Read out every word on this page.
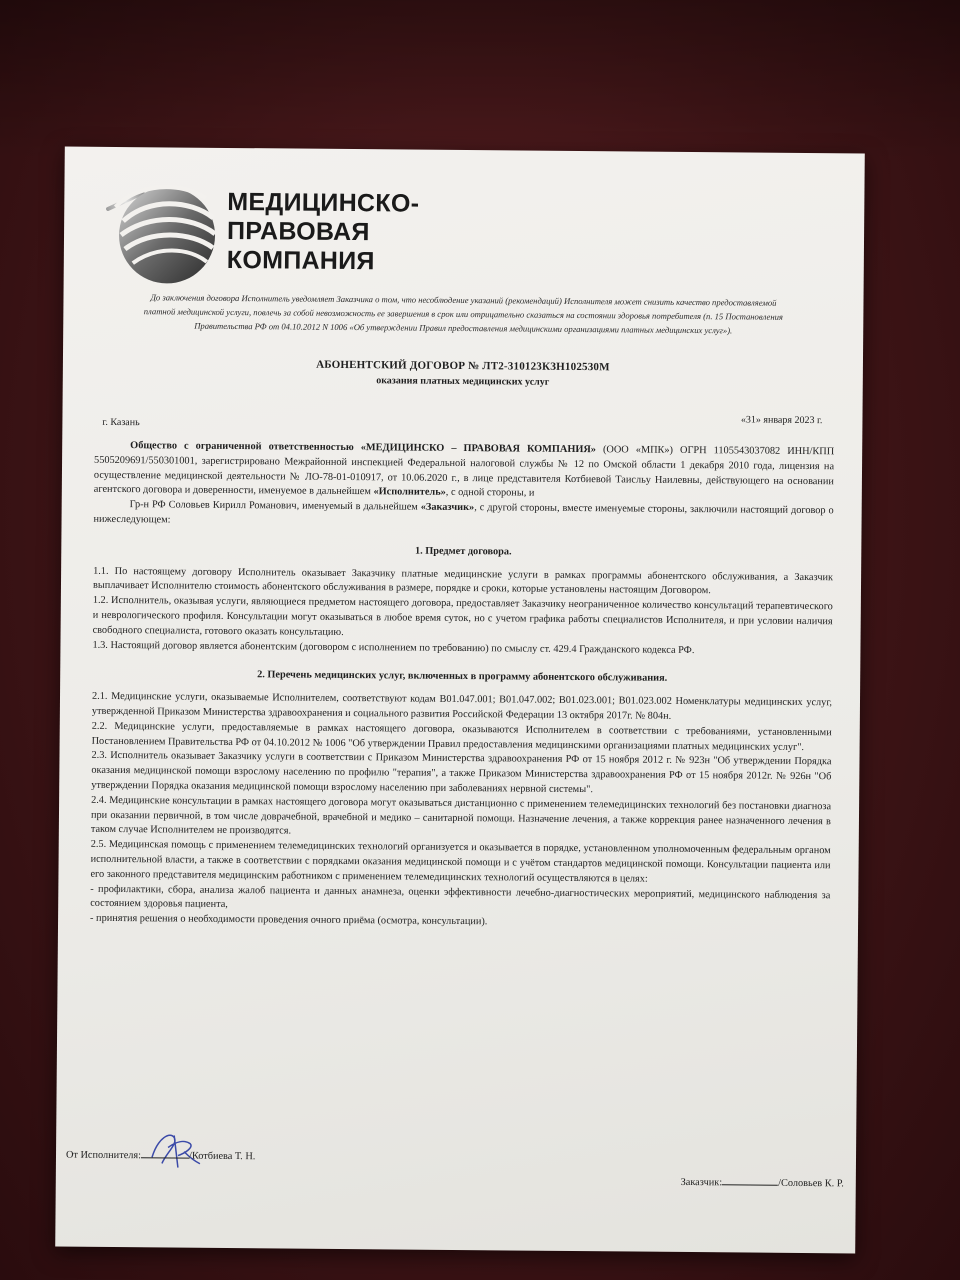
МЕДИЦИНСКО-
ПРАВОВАЯ
КОМПАНИЯ
До заключения договора Исполнитель уведомляет Заказчика о том, что несоблюдение указаний (рекомендаций) Исполнителя может снизить качество предоставляемой платной медицинской услуги, повлечь за собой невозможность ее завершения в срок или отрицательно сказаться на состоянии здоровья потребителя (п. 15 Постановления Правительства РФ от 04.10.2012 N 1006 «Об утверждении Правил предоставления медицинскими организациями платных медицинских услуг»).
АБОНЕНТСКИЙ ДОГОВОР № ЛТ2-310123КЗН102530М
оказания платных медицинских услуг
г. Казань	«31» января 2023 г.

Общество с ограниченной ответственностью «МЕДИЦИНСКО – ПРАВОВАЯ КОМПАНИЯ» (ООО «МПК») ОГРН 1105543037082 ИНН/КПП 5505209691/550301001, зарегистрировано Межрайонной инспекцией Федеральной налоговой службы № 12 по Омской области 1 декабря 2010 года, лицензия на осуществление медицинской деятельности № ЛО-78-01-010917, от 10.06.2020 г., в лице представителя Котбиевой Таисльу Наилевны, действующего на основании агентского договора и доверенности, именуемое в дальнейшем «Исполнитель», с одной стороны, и

Гр-н РФ Соловьев Кирилл Романович, именуемый в дальнейшем «Заказчик», с другой стороны, вместе именуемые стороны, заключили настоящий договор о нижеследующем:

1. Предмет договора.

1.1. По настоящему договору Исполнитель оказывает Заказчику платные медицинские услуги в рамках программы абонентского обслуживания, а Заказчик выплачивает Исполнителю стоимость абонентского обслуживания в размере, порядке и сроки, которые установлены настоящим Договором.

1.2. Исполнитель, оказывая услуги, являющиеся предметом настоящего договора, предоставляет Заказчику неограниченное количество консультаций терапевтического и неврологического профиля. Консультации могут оказываться в любое время суток, но с учетом графика работы специалистов Исполнителя, и при условии наличия свободного специалиста, готового оказать консультацию.

1.3. Настоящий договор является абонентским (договором с исполнением по требованию) по смыслу ст. 429.4 Гражданского кодекса РФ.

2. Перечень медицинских услуг, включенных в программу абонентского обслуживания.

2.1. Медицинские услуги, оказываемые Исполнителем, соответствуют кодам B01.047.001; B01.047.002; B01.023.001; B01.023.002 Номенклатуры медицинских услуг, утвержденной Приказом Министерства здравоохранения и социального развития Российской Федерации 13 октября 2017г. № 804н.

2.2. Медицинские услуги, предоставляемые в рамках настоящего договора, оказываются Исполнителем в соответствии с требованиями, установленными Постановлением Правительства РФ от 04.10.2012 № 1006 "Об утверждении Правил предоставления медицинскими организациями платных медицинских услуг".

2.3. Исполнитель оказывает Заказчику услуги в соответствии с Приказом Министерства здравоохранения РФ от 15 ноября 2012 г. № 923н "Об утверждении Порядка оказания медицинской помощи взрослому населению по профилю "терапия", а также Приказом Министерства здравоохранения РФ от 15 ноября 2012г. № 926н "Об утверждении Порядка оказания медицинской помощи взрослому населению при заболеваниях нервной системы".

2.4. Медицинские консультации в рамках настоящего договора могут оказываться дистанционно с применением телемедицинских технологий без постановки диагноза при оказании первичной, в том числе доврачебной, врачебной и медико – санитарной помощи. Назначение лечения, а также коррекция ранее назначенного лечения в таком случае Исполнителем не производятся.

2.5. Медицинская помощь с применением телемедицинских технологий организуется и оказывается в порядке, установленном уполномоченным федеральным органом исполнительной власти, а также в соответствии с порядками оказания медицинской помощи и с учётом стандартов медицинской помощи. Консультации пациента или его законного представителя медицинским работником с применением телемедицинских технологий осуществляются в целях:

- профилактики, сбора, анализа жалоб пациента и данных анамнеза, оценки эффективности лечебно-диагностических мероприятий, медицинского наблюдения за состоянием здоровья пациента,

- принятия решения о необходимости проведения очного приёма (осмотра, консультации).

От Исполнителя:	/Котбиева Т. Н.
Заказчик:	/Соловьев К. Р.
